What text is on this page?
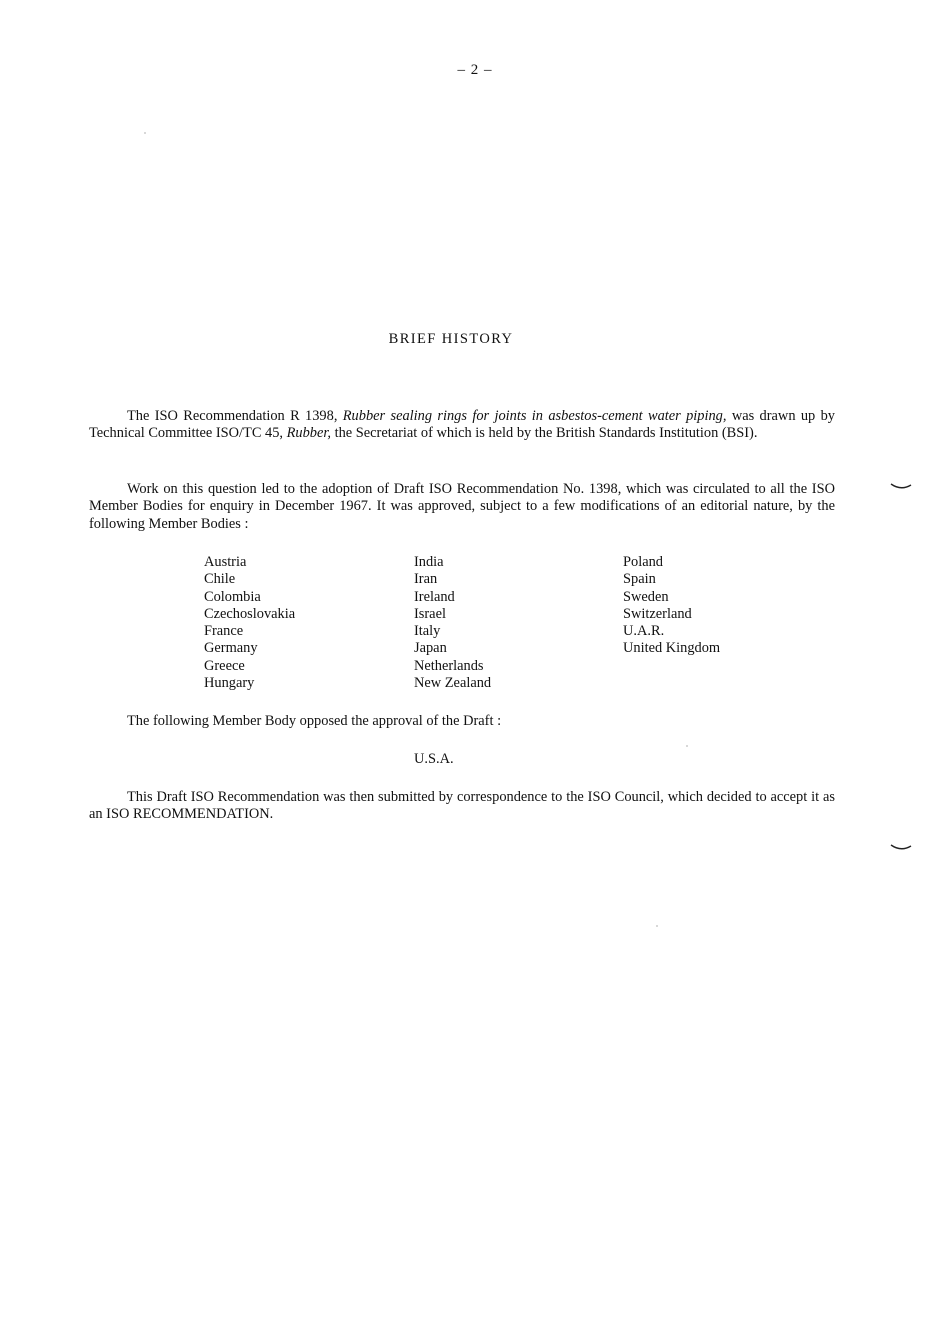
– 2 –
BRIEF HISTORY
The ISO Recommendation R 1398, Rubber sealing rings for joints in asbestos-cement water piping, was drawn up by Technical Committee ISO/TC 45, Rubber, the Secretariat of which is held by the British Standards Institution (BSI).
Work on this question led to the adoption of Draft ISO Recommendation No. 1398, which was circulated to all the ISO Member Bodies for enquiry in December 1967. It was approved, subject to a few modifications of an editorial nature, by the following Member Bodies :
Austria
Chile
Colombia
Czechoslovakia
France
Germany
Greece
Hungary
India
Iran
Ireland
Israel
Italy
Japan
Netherlands
New Zealand
Poland
Spain
Sweden
Switzerland
U.A.R.
United Kingdom
The following Member Body opposed the approval of the Draft :
U.S.A.
This Draft ISO Recommendation was then submitted by correspondence to the ISO Council, which decided to accept it as an ISO RECOMMENDATION.
